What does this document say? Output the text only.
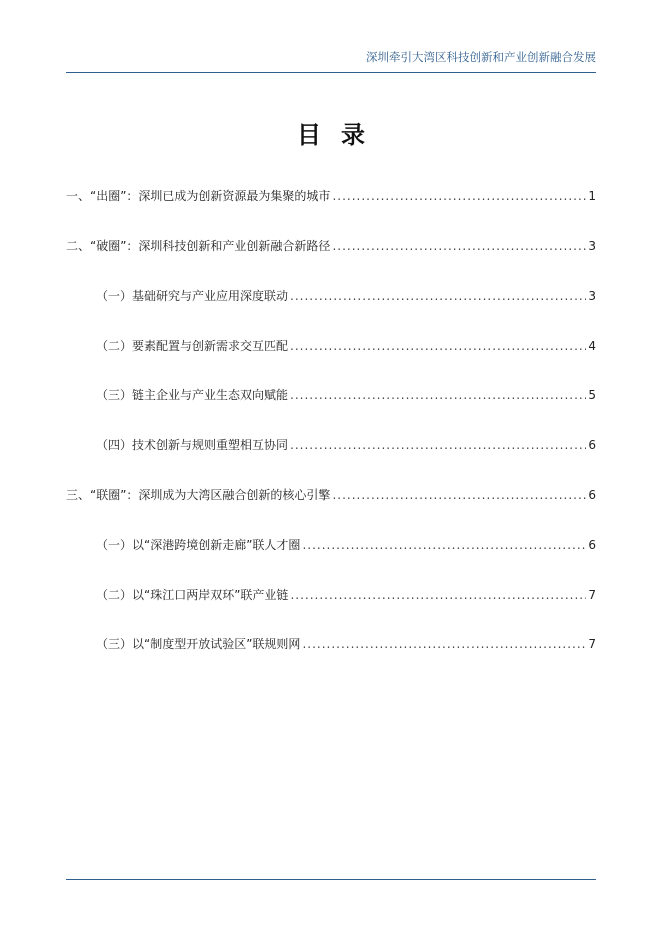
深圳牵引大湾区科技创新和产业创新融合发展
目录
一、“出圈”：深圳已成为创新资源最为集聚的城市 .....	1
二、“破圈”：深圳科技创新和产业创新融合新路径 .....	3
（一）基础研究与产业应用深度联动 .....	3
（二）要素配置与创新需求交互匹配 .....	4
（三）链主企业与产业生态双向赋能 .....	5
（四）技术创新与规则重塑相互协同 .....	6
三、“联圈”：深圳成为大湾区融合创新的核心引擎 .....	6
（一）以“深港跨境创新走廊”联人才圈 .....	6
（二）以“珠江口两岸双环”联产业链 .....	7
（三）以“制度型开放试验区”联规则网 .....	7
